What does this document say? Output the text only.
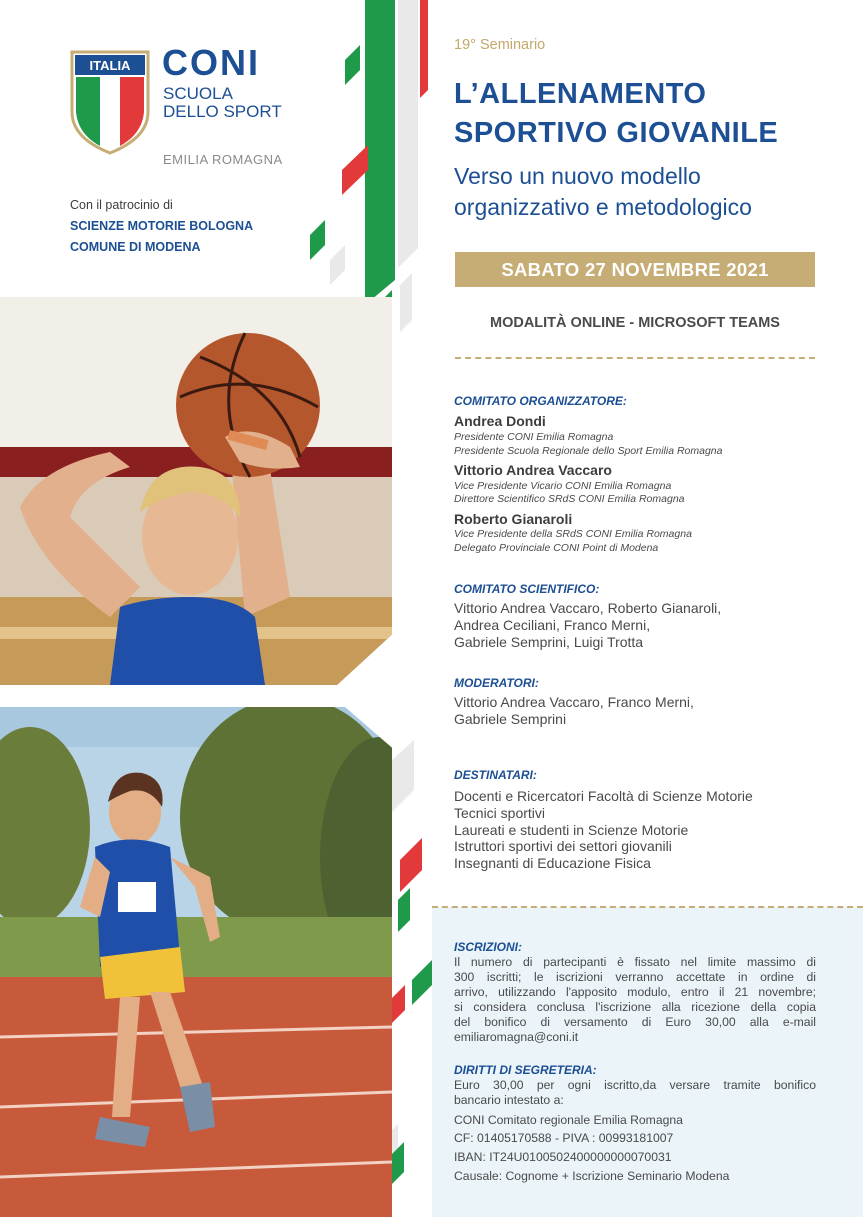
ITALIA CONI
SCUOLA
DELLO SPORT
EMILIA ROMAGNA
Con il patrocinio di
SCIENZE MOTORIE BOLOGNA
COMUNE DI MODENA
19° Seminario
L’ALLENAMENTO
SPORTIVO GIOVANILE
Verso un nuovo modello
organizzativo e metodologico
SABATO 27 NOVEMBRE 2021
MODALITÀ ONLINE - MICROSOFT TEAMS
COMITATO ORGANIZZATORE:
Andrea Dondi
Presidente CONI Emilia Romagna
Presidente Scuola Regionale dello Sport Emilia Romagna
Vittorio Andrea Vaccaro
Vice Presidente Vicario CONI Emilia Romagna
Direttore Scientifico SRdS CONI Emilia Romagna
Roberto Gianaroli
Vice Presidente della SRdS CONI Emilia Romagna
Delegato Provinciale CONI Point di Modena
COMITATO SCIENTIFICO:
Vittorio Andrea Vaccaro, Roberto Gianaroli,
Andrea Ceciliani, Franco Merni,
Gabriele Semprini, Luigi Trotta
MODERATORI:
Vittorio Andrea Vaccaro, Franco Merni,
Gabriele Semprini
DESTINATARI:
Docenti e Ricercatori Facoltà di Scienze Motorie
Tecnici sportivi
Laureati e studenti in Scienze Motorie
Istruttori sportivi dei settori giovanili
Insegnanti di Educazione Fisica
ISCRIZIONI:
Il numero di partecipanti è fissato nel limite massimo di
300 iscritti; le iscrizioni verranno accettate in ordine di
arrivo, utilizzando l'apposito modulo, entro il 21 novembre;
si considera conclusa l'iscrizione alla ricezione della copia
del bonifico di versamento di Euro 30,00 alla e-mail
emiliaromagna@coni.it
DIRITTI DI SEGRETERIA:
Euro 30,00 per ogni iscritto,da versare tramite bonifico
bancario intestato a:
CONI Comitato regionale Emilia Romagna
CF: 01405170588 - PIVA : 00993181007
IBAN: IT24U0100502400000000070031
Causale: Cognome + Iscrizione Seminario Modena
